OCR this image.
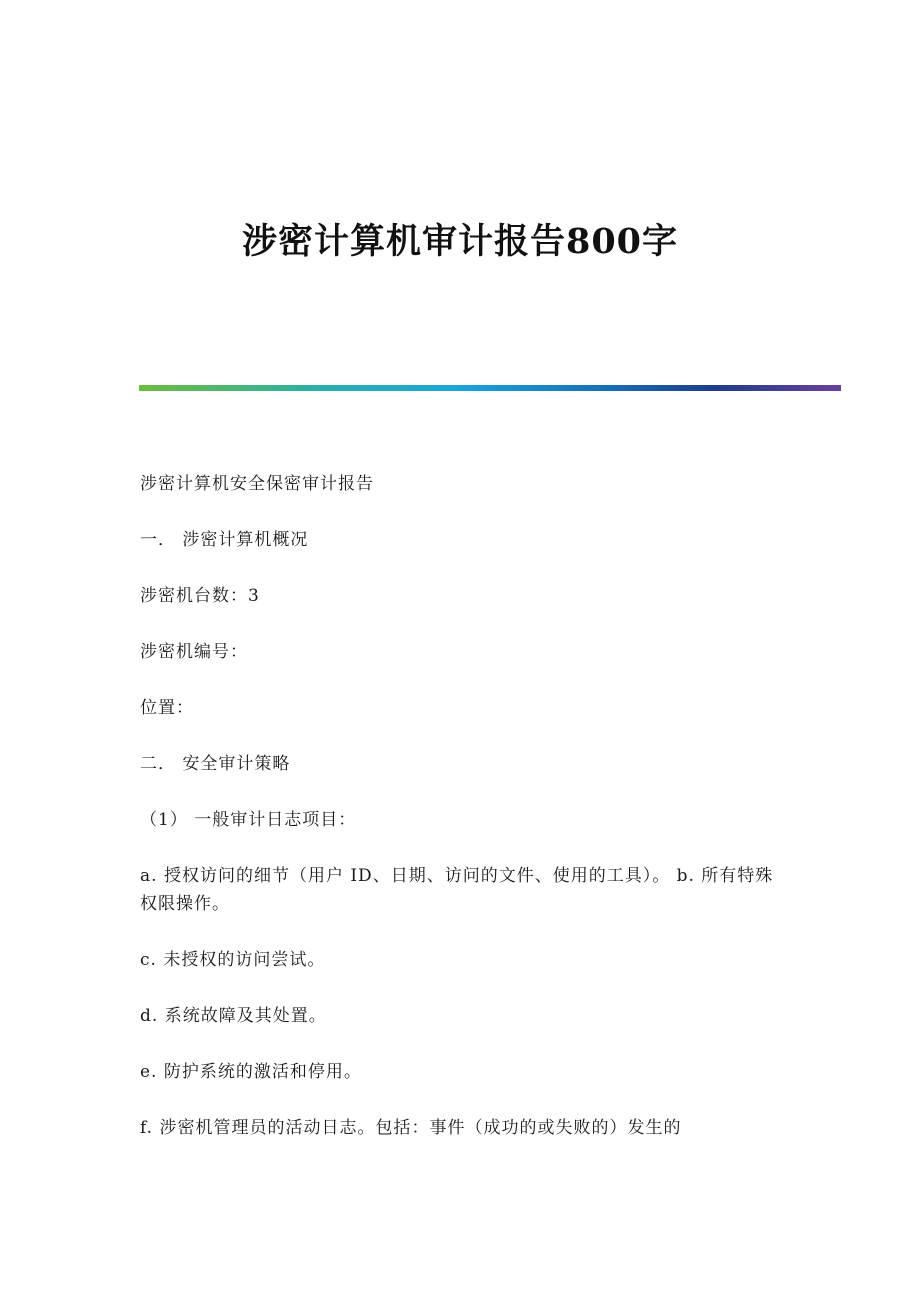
涉密计算机审计报告800字

涉密计算机安全保密审计报告

一． 涉密计算机概况

涉密机台数：3

涉密机编号：

位置：

二． 安全审计策略

（1） 一般审计日志项目：

a. 授权访问的细节（用户 ID、日期、访问的文件、使用的工具）。 b. 所有特殊权限操作。

c. 未授权的访问尝试。

d. 系统故障及其处置。

e. 防护系统的激活和停用。

f. 涉密机管理员的活动日志。包括：事件（成功的或失败的）发生的
